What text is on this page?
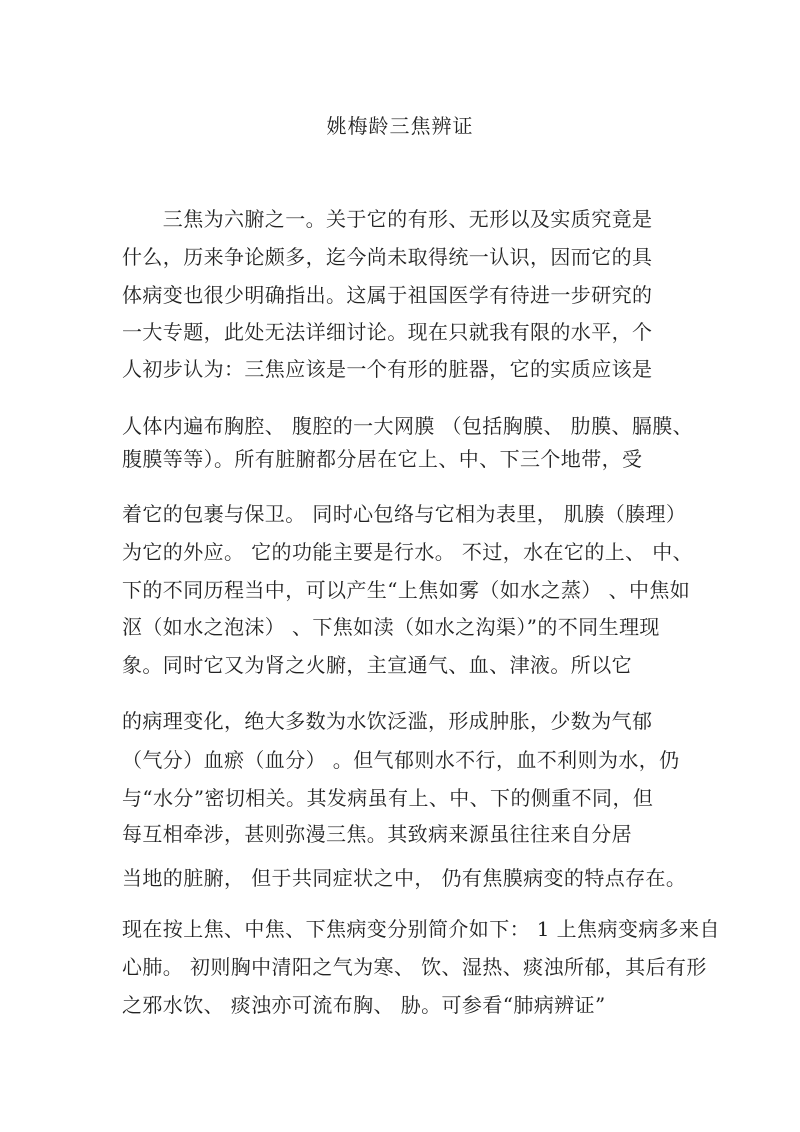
姚梅龄三焦辨证
　　三焦为六腑之一。关于它的有形、无形以及实质究竟是
什么，历来争论颇多，迄今尚未取得统一认识，因而它的具
体病变也很少明确指出。这属于祖国医学有待进一步研究的
一大专题，此处无法详细讨论。现在只就我有限的水平，个
人初步认为：三焦应该是一个有形的脏器，它的实质应该是
人体内遍布胸腔、 腹腔的一大网膜 （包括胸膜、 肋膜、膈膜、
腹膜等等）。所有脏腑都分居在它上、中、下三个地带，受
着它的包裹与保卫。 同时心包络与它相为表里， 肌腠（腠理）
为它的外应。 它的功能主要是行水。 不过，水在它的上、 中、
下的不同历程当中，可以产生“上焦如雾（如水之蒸） 、中焦如
沤（如水之泡沫） 、下焦如渎（如水之沟渠）”的不同生理现
象。同时它又为肾之火腑，主宣通气、血、津液。所以它
的病理变化，绝大多数为水饮泛滥，形成肿胀，少数为气郁
（气分）血瘀（血分） 。但气郁则水不行，血不利则为水，仍
与“水分”密切相关。其发病虽有上、中、下的侧重不同，但
每互相牵涉，甚则弥漫三焦。其致病来源虽往往来自分居
当地的脏腑， 但于共同症状之中， 仍有焦膜病变的特点存在。
现在按上焦、中焦、下焦病变分别简介如下： 1 上焦病变病多来自
心肺。 初则胸中清阳之气为寒、 饮、湿热、痰浊所郁，其后有形
之邪水饮、 痰浊亦可流布胸、 胁。可参看“肺病辨证”
